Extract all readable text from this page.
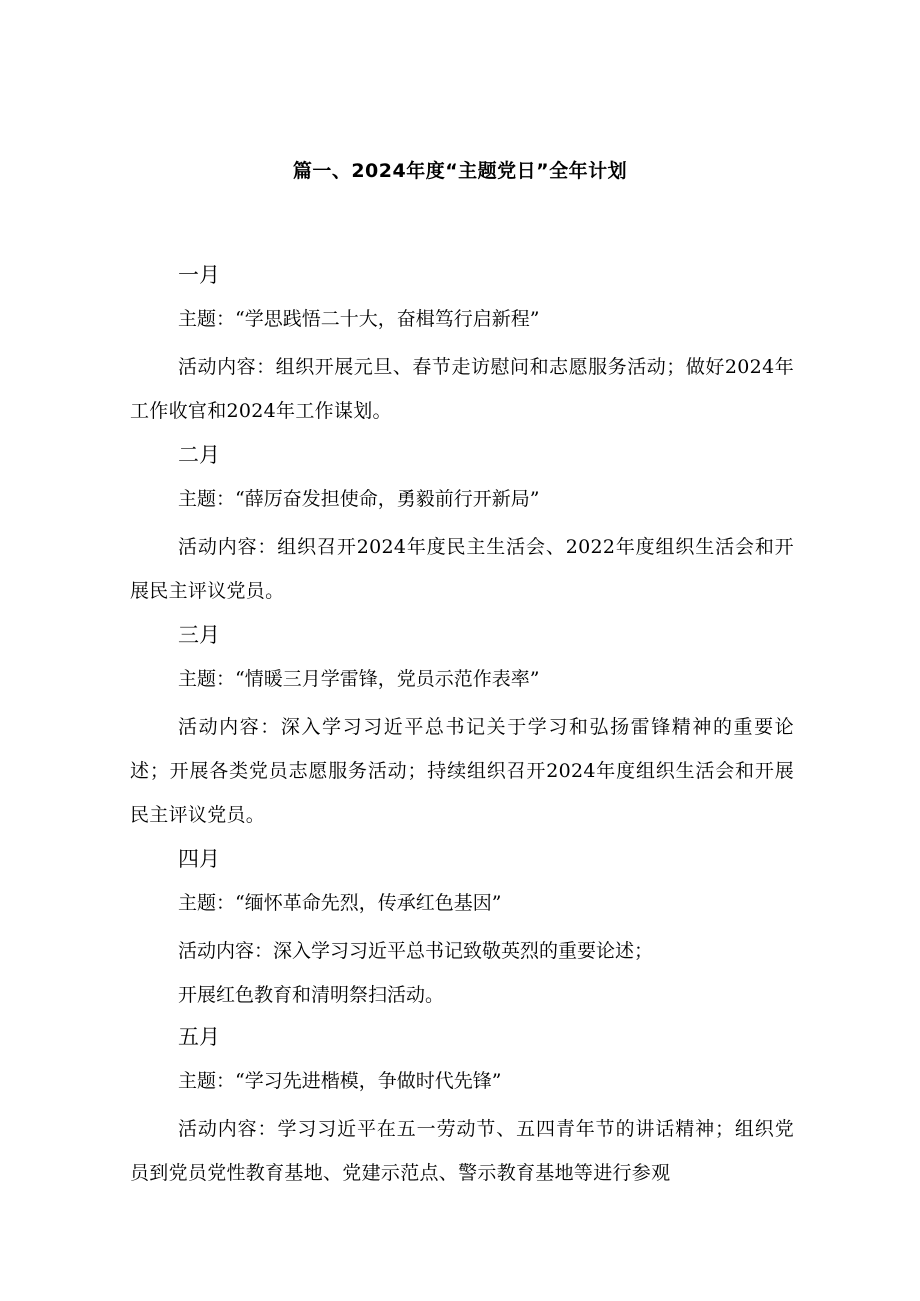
篇一、2024年度“主题党日”全年计划
一月
主题：“学思践悟二十大，奋楫笃行启新程”
活动内容：组织开展元旦、春节走访慰问和志愿服务活动；做好2024年工作收官和2024年工作谋划。
二月
主题：“薛厉奋发担使命，勇毅前行开新局”
活动内容：组织召开2024年度民主生活会、2022年度组织生活会和开展民主评议党员。
三月
主题：“情暖三月学雷锋，党员示范作表率”
活动内容：深入学习习近平总书记关于学习和弘扬雷锋精神的重要论述；开展各类党员志愿服务活动；持续组织召开2024年度组织生活会和开展民主评议党员。
四月
主题：“缅怀革命先烈，传承红色基因”
活动内容：深入学习习近平总书记致敬英烈的重要论述；
开展红色教育和清明祭扫活动。
五月
主题：“学习先进楷模，争做时代先锋”
活动内容：学习习近平在五一劳动节、五四青年节的讲话精神；组织党员到党员党性教育基地、党建示范点、警示教育基地等进行参观
